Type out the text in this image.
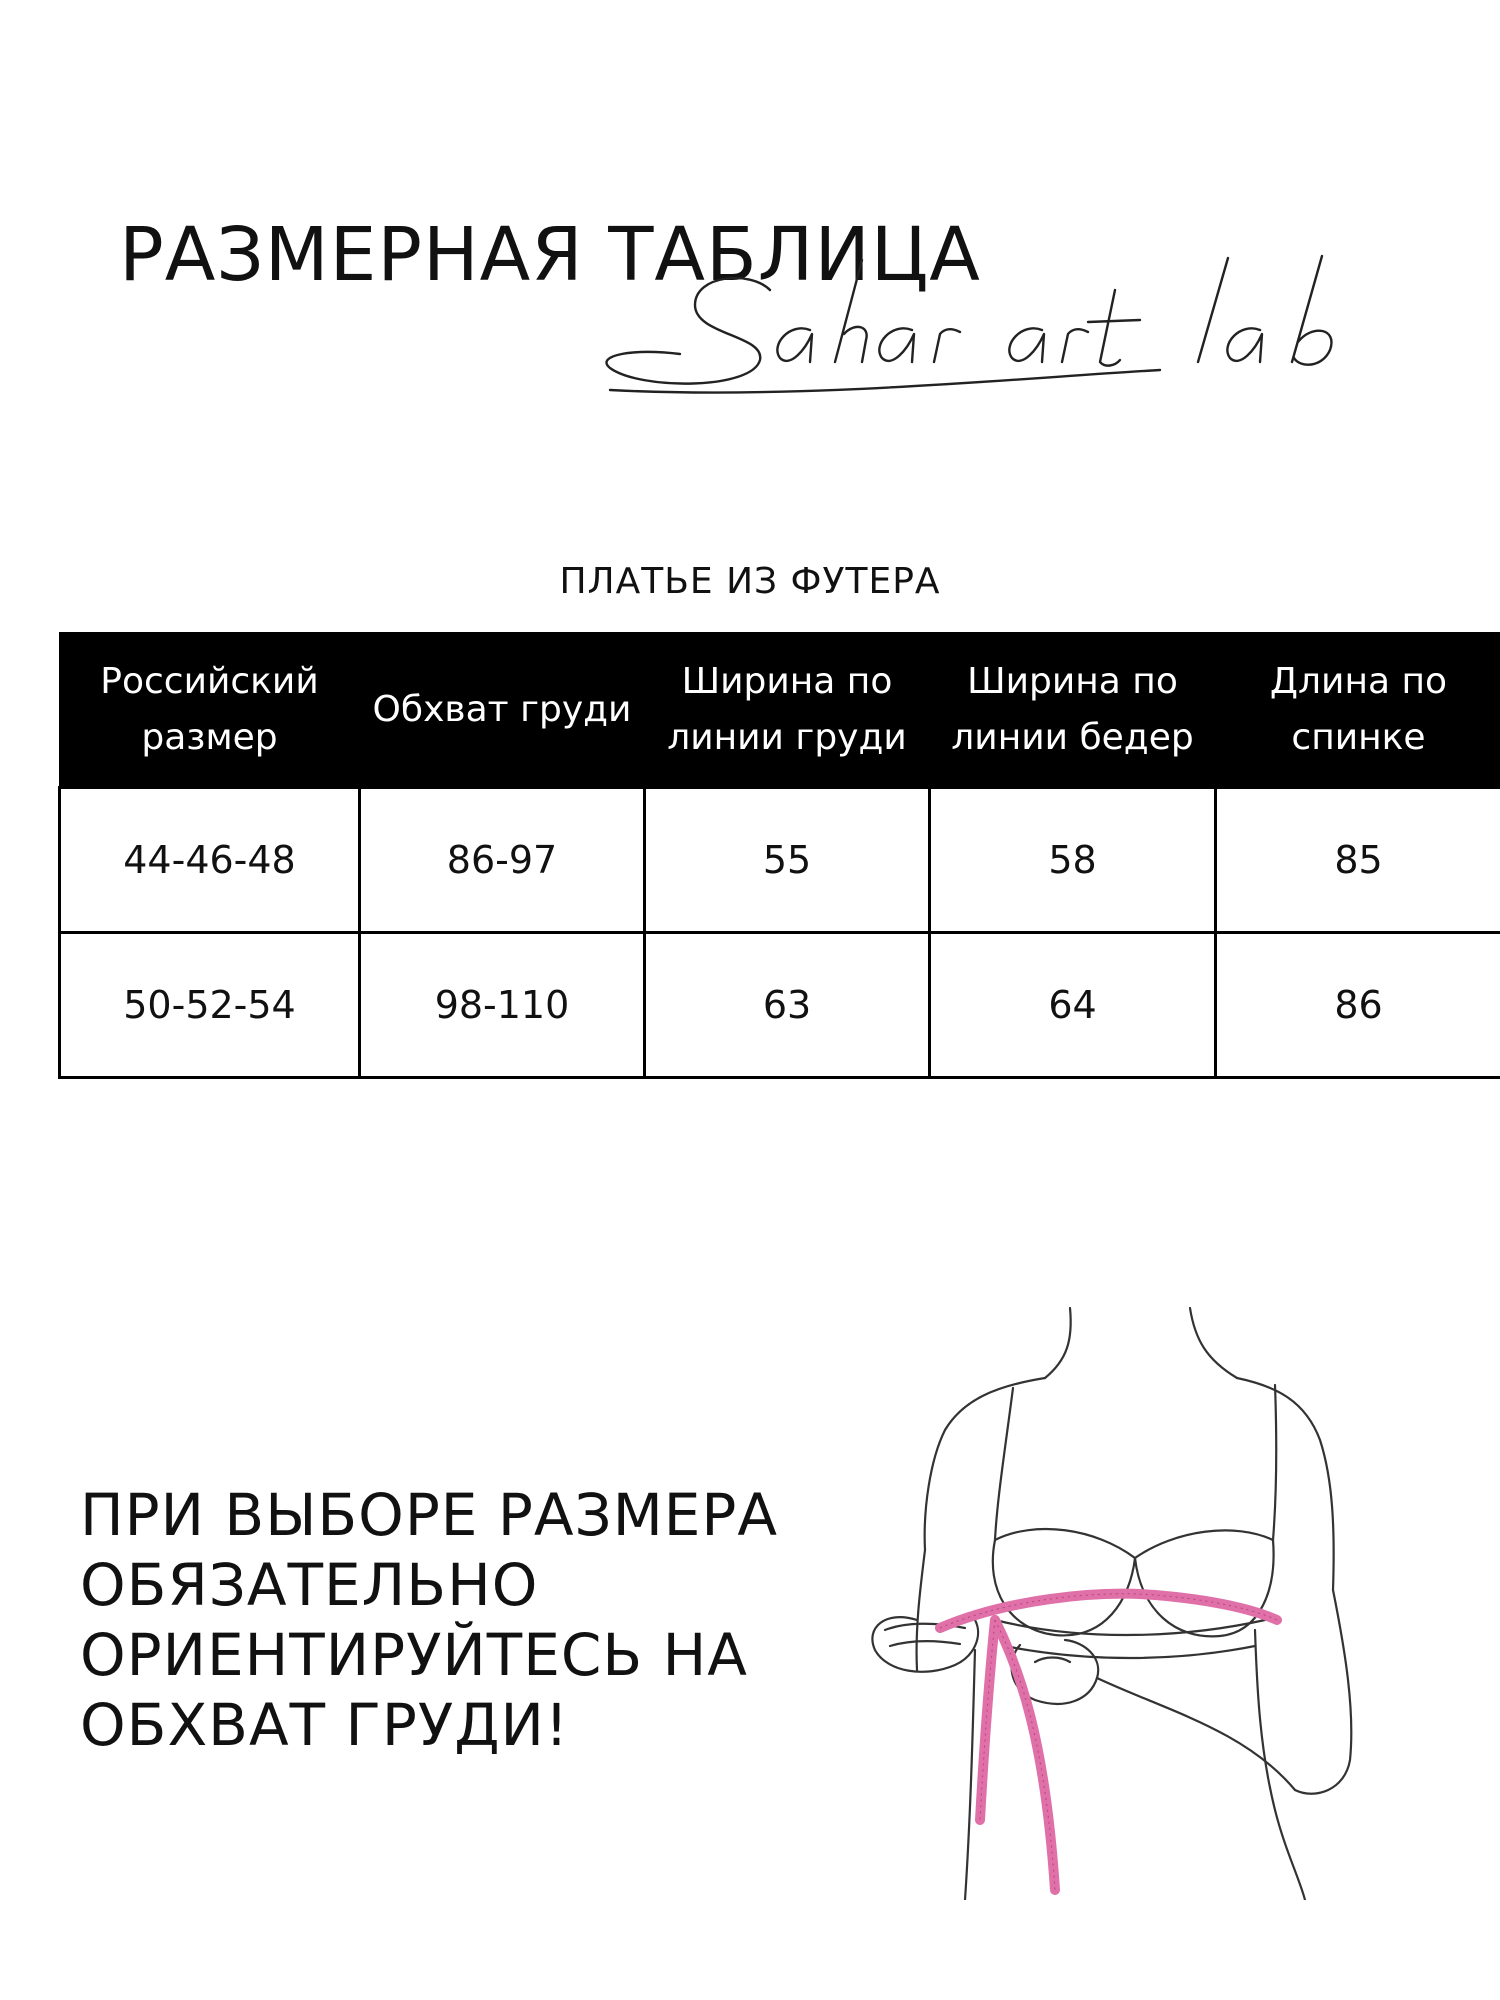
РАЗМЕРНАЯ ТАБЛИЦА
ПЛАТЬЕ ИЗ ФУТЕРА
Российский размер	Обхват груди	Ширина по линии груди	Ширина по линии бедер	Длина по спинке
44-46-48	86-97	55	58	85
50-52-54	98-110	63	64	86
ПРИ ВЫБОРЕ РАЗМЕРА
ОБЯЗАТЕЛЬНО
ОРИЕНТИРУЙТЕСЬ НА
ОБХВАТ ГРУДИ!
